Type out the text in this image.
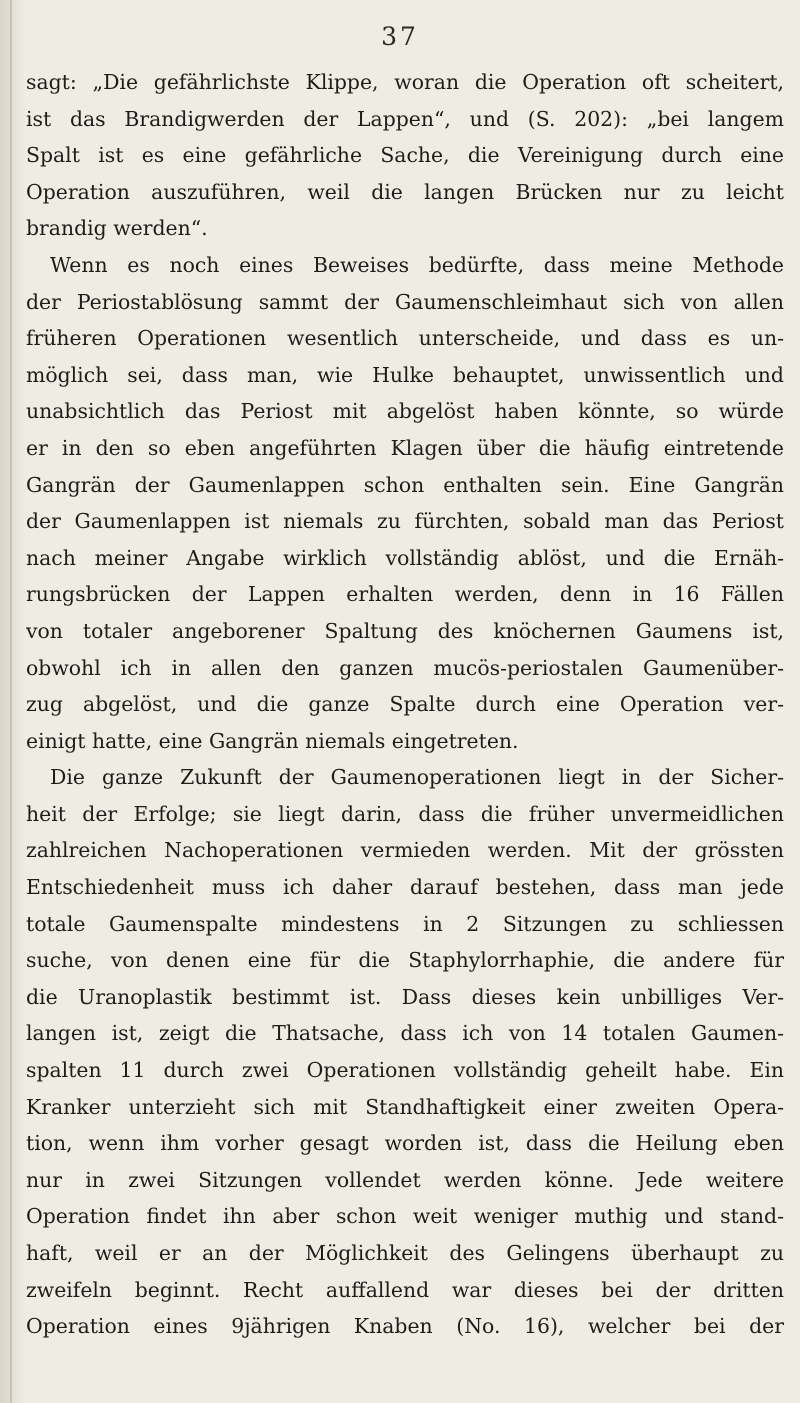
37
sagt: „Die gefährlichste Klippe, woran die Operation oft scheitert,
ist das Brandigwerden der Lappen“, und (S. 202): „bei langem
Spalt ist es eine gefährliche Sache, die Vereinigung durch eine
Operation auszuführen, weil die langen Brücken nur zu leicht
brandig werden“.
Wenn es noch eines Beweises bedürfte, dass meine Methode
der Periostablösung sammt der Gaumenschleimhaut sich von allen
früheren Operationen wesentlich unterscheide, und dass es un-
möglich sei, dass man, wie Hulke behauptet, unwissentlich und
unabsichtlich das Periost mit abgelöst haben könnte, so würde
er in den so eben angeführten Klagen über die häufig eintretende
Gangrän der Gaumenlappen schon enthalten sein. Eine Gangrän
der Gaumenlappen ist niemals zu fürchten, sobald man das Periost
nach meiner Angabe wirklich vollständig ablöst, und die Ernäh-
rungsbrücken der Lappen erhalten werden, denn in 16 Fällen
von totaler angeborener Spaltung des knöchernen Gaumens ist,
obwohl ich in allen den ganzen mucös-periostalen Gaumenüber-
zug abgelöst, und die ganze Spalte durch eine Operation ver-
einigt hatte, eine Gangrän niemals eingetreten.
Die ganze Zukunft der Gaumenoperationen liegt in der Sicher-
heit der Erfolge; sie liegt darin, dass die früher unvermeidlichen
zahlreichen Nachoperationen vermieden werden. Mit der grössten
Entschiedenheit muss ich daher darauf bestehen, dass man jede
totale Gaumenspalte mindestens in 2 Sitzungen zu schliessen
suche, von denen eine für die Staphylorrhaphie, die andere für
die Uranoplastik bestimmt ist. Dass dieses kein unbilliges Ver-
langen ist, zeigt die Thatsache, dass ich von 14 totalen Gaumen-
spalten 11 durch zwei Operationen vollständig geheilt habe. Ein
Kranker unterzieht sich mit Standhaftigkeit einer zweiten Opera-
tion, wenn ihm vorher gesagt worden ist, dass die Heilung eben
nur in zwei Sitzungen vollendet werden könne. Jede weitere
Operation findet ihn aber schon weit weniger muthig und stand-
haft, weil er an der Möglichkeit des Gelingens überhaupt zu
zweifeln beginnt. Recht auffallend war dieses bei der dritten
Operation eines 9jährigen Knaben (No. 16), welcher bei der
